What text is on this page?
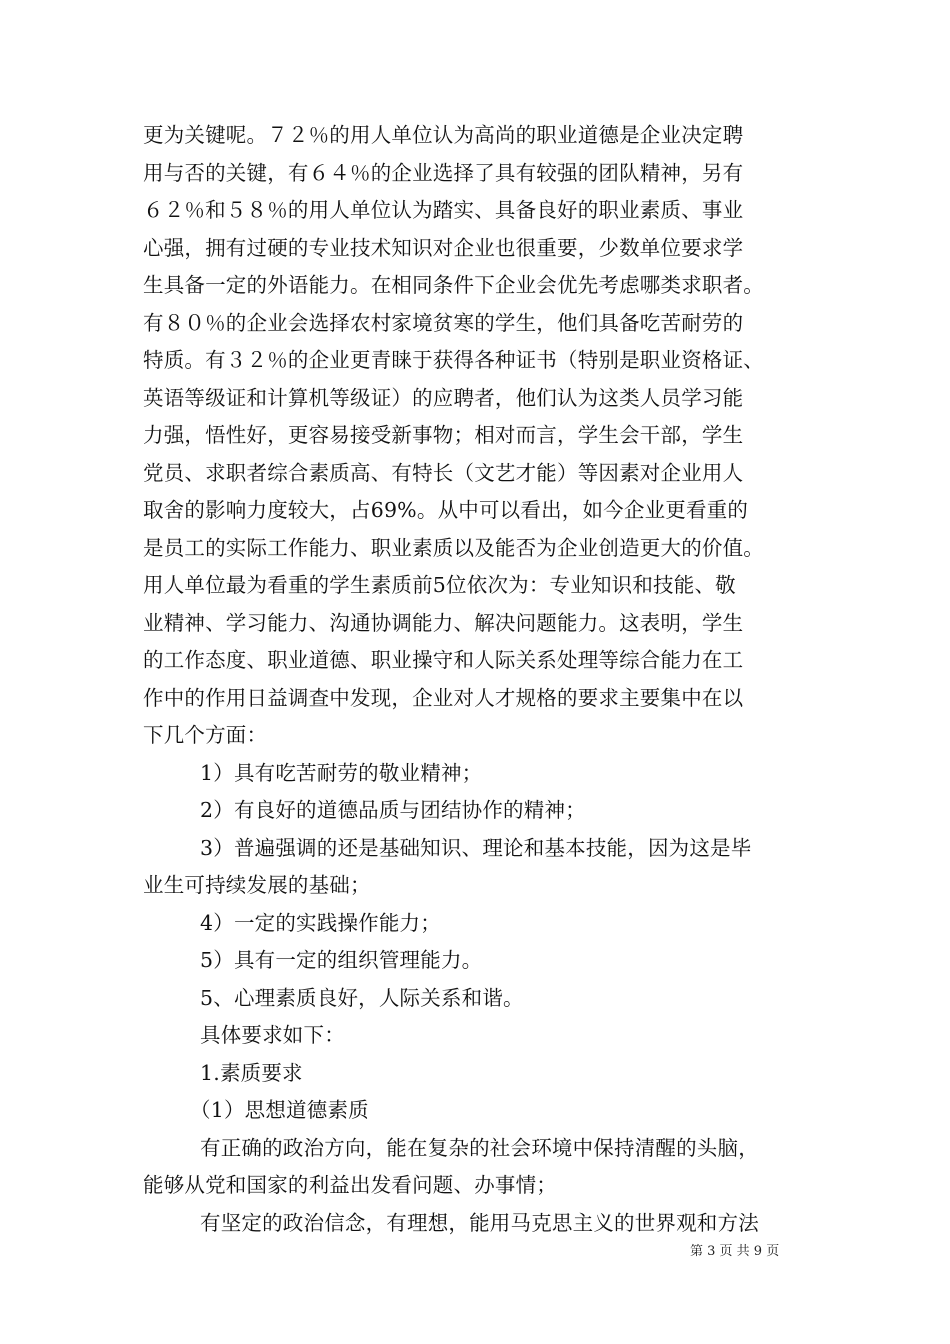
更为关键呢。７２％的用人单位认为高尚的职业道德是企业决定聘
用与否的关键，有６４％的企业选择了具有较强的团队精神，另有
６２％和５８％的用人单位认为踏实、具备良好的职业素质、事业
心强，拥有过硬的专业技术知识对企业也很重要，少数单位要求学
生具备一定的外语能力。在相同条件下企业会优先考虑哪类求职者。
有８０％的企业会选择农村家境贫寒的学生，他们具备吃苦耐劳的
特质。有３２％的企业更青睐于获得各种证书（特别是职业资格证、
英语等级证和计算机等级证）的应聘者，他们认为这类人员学习能
力强，悟性好，更容易接受新事物；相对而言，学生会干部，学生
党员、求职者综合素质高、有特长（文艺才能）等因素对企业用人
取舍的影响力度较大，占69%。从中可以看出，如今企业更看重的
是员工的实际工作能力、职业素质以及能否为企业创造更大的价值。
用人单位最为看重的学生素质前5位依次为：专业知识和技能、敬
业精神、学习能力、沟通协调能力、解决问题能力。这表明，学生
的工作态度、职业道德、职业操守和人际关系处理等综合能力在工
作中的作用日益调查中发现，企业对人才规格的要求主要集中在以
下几个方面：
1）具有吃苦耐劳的敬业精神；
2）有良好的道德品质与团结协作的精神；
3）普遍强调的还是基础知识、理论和基本技能，因为这是毕
业生可持续发展的基础；
4）一定的实践操作能力；
5）具有一定的组织管理能力。
5、心理素质良好，人际关系和谐。
具体要求如下：
1.素质要求
（1）思想道德素质
有正确的政治方向，能在复杂的社会环境中保持清醒的头脑，
能够从党和国家的利益出发看问题、办事情；
有坚定的政治信念，有理想，能用马克思主义的世界观和方法
第 3 页 共 9 页
